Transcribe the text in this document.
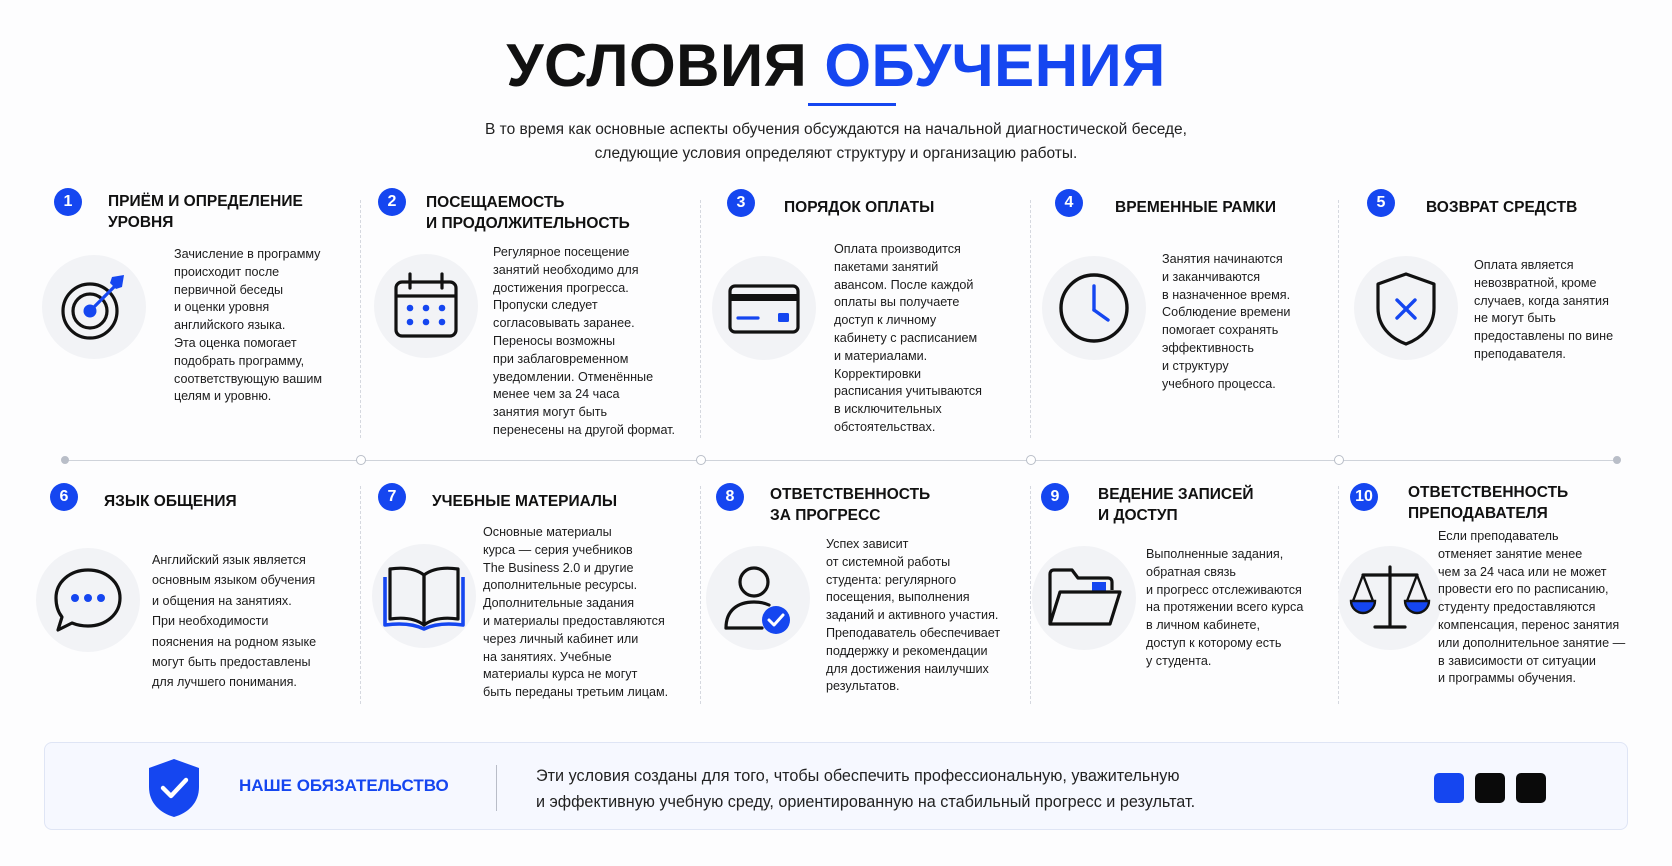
УСЛОВИЯ ОБУЧЕНИЯ
В то время как основные аспекты обучения обсуждаются на начальной диагностической беседе,
следующие условия определяют структуру и организацию работы.
1	ПРИЁМ И ОПРЕДЕЛЕНИЕ
УРОВНЯ
Зачисление в программу
происходит после
первичной беседы
и оценки уровня
английского языка.
Эта оценка помогает
подобрать программу,
соответствующую вашим
целям и уровню.
2	ПОСЕЩАЕМОСТЬ
И ПРОДОЛЖИТЕЛЬНОСТЬ
Регулярное посещение
занятий необходимо для
достижения прогресса.
Пропуски следует
согласовывать заранее.
Переносы возможны
при заблаговременном
уведомлении. Отменённые
менее чем за 24 часа
занятия могут быть
перенесены на другой формат.
3	ПОРЯДОК ОПЛАТЫ
Оплата производится
пакетами занятий
авансом. После каждой
оплаты вы получаете
доступ к личному
кабинету с расписанием
и материалами.
Корректировки
расписания учитываются
в исключительных
обстоятельствах.
4	ВРЕМЕННЫЕ РАМКИ
Занятия начинаются
и заканчиваются
в назначенное время.
Соблюдение времени
помогает сохранять
эффективность
и структуру
учебного процесса.
5	ВОЗВРАТ СРЕДСТВ
Оплата является
невозвратной, кроме
случаев, когда занятия
не могут быть
предоставлены по вине
преподавателя.
6	ЯЗЫК ОБЩЕНИЯ
Английский язык является
основным языком обучения
и общения на занятиях.
При необходимости
пояснения на родном языке
могут быть предоставлены
для лучшего понимания.
7	УЧЕБНЫЕ МАТЕРИАЛЫ
Основные материалы
курса — серия учебников
The Business 2.0 и другие
дополнительные ресурсы.
Дополнительные задания
и материалы предоставляются
через личный кабинет или
на занятиях. Учебные
материалы курса не могут
быть переданы третьим лицам.
8	ОТВЕТСТВЕННОСТЬ
ЗА ПРОГРЕСС
Успех зависит
от системной работы
студента: регулярного
посещения, выполнения
заданий и активного участия.
Преподаватель обеспечивает
поддержку и рекомендации
для достижения наилучших
результатов.
9	ВЕДЕНИЕ ЗАПИСЕЙ
И ДОСТУП
Выполненные задания,
обратная связь
и прогресс отслеживаются
на протяжении всего курса
в личном кабинете,
доступ к которому есть
у студента.
10	ОТВЕТСТВЕННОСТЬ
ПРЕПОДАВАТЕЛЯ
Если преподаватель
отменяет занятие менее
чем за 24 часа или не может
провести его по расписанию,
студенту предоставляются
компенсация, перенос занятия
или дополнительное занятие —
в зависимости от ситуации
и программы обучения.
НАШЕ ОБЯЗАТЕЛЬСТВО	Эти условия созданы для того, чтобы обеспечить профессиональную, уважительную
и эффективную учебную среду, ориентированную на стабильный прогресс и результат.
